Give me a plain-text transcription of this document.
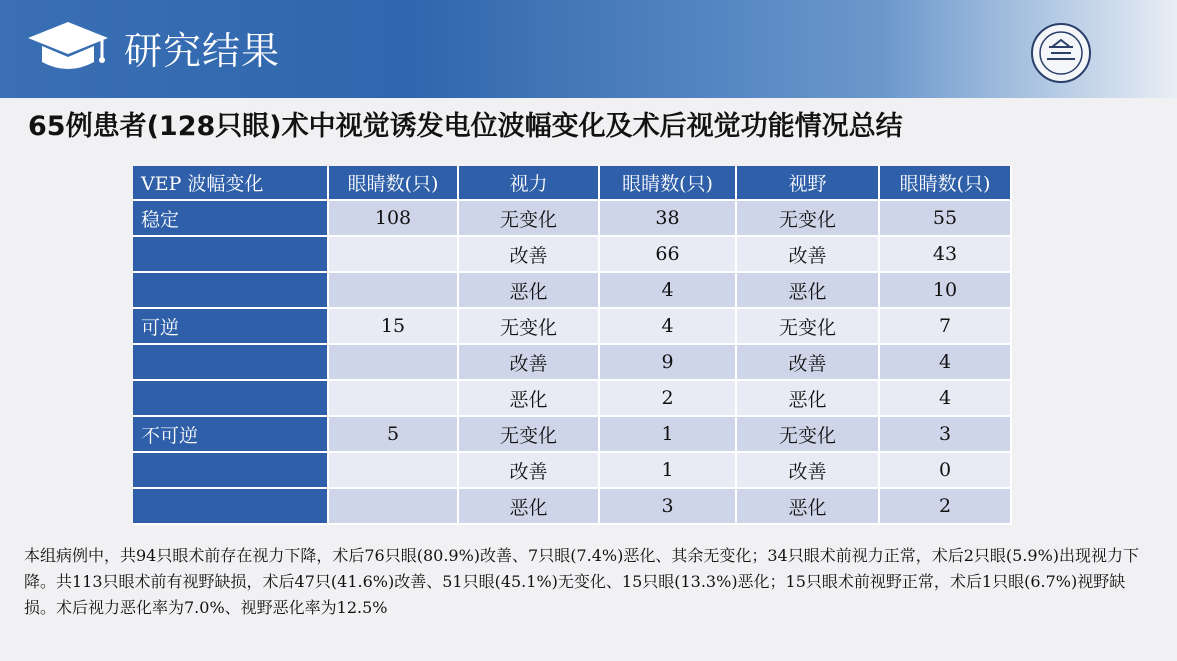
研究结果
65例患者(128只眼)术中视觉诱发电位波幅变化及术后视觉功能情况总结
VEP 波幅变化	眼睛数(只)	视力	眼睛数(只)	视野	眼睛数(只)
稳定	108	无变化	38	无变化	55
		改善	66	改善	43
		恶化	4	恶化	10
可逆	15	无变化	4	无变化	7
		改善	9	改善	4
		恶化	2	恶化	4
不可逆	5	无变化	1	无变化	3
		改善	1	改善	0
		恶化	3	恶化	2
本组病例中，共94只眼术前存在视力下降，术后76只眼(80.9%)改善、7只眼(7.4%)恶化、其余无变化；34只眼术前视力正常，术后2只眼(5.9%)出现视力下降。共113只眼术前有视野缺损，术后47只(41.6%)改善、51只眼(45.1%)无变化、15只眼(13.3%)恶化；15只眼术前视野正常，术后1只眼(6.7%)视野缺损。术后视力恶化率为7.0%、视野恶化率为12.5%
